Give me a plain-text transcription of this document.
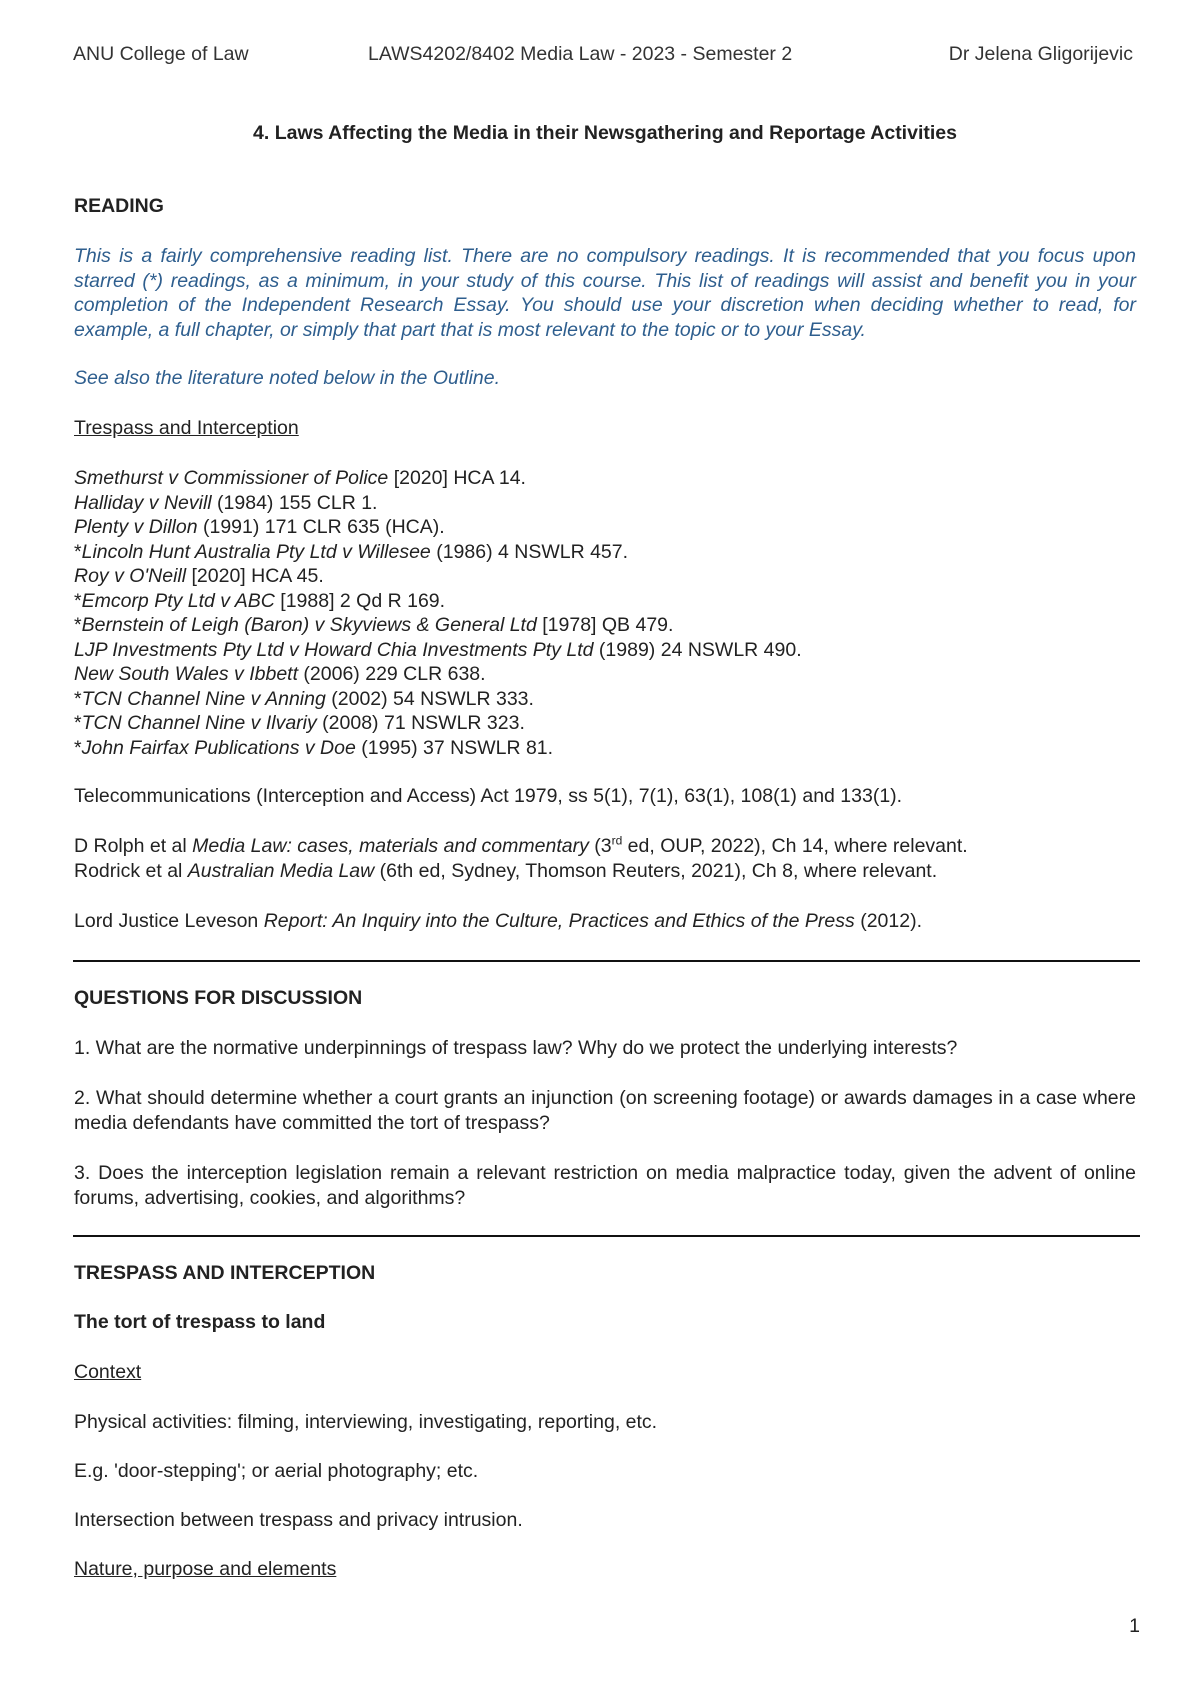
ANU College of Law	LAWS4202/8402 Media Law - 2023 - Semester 2	Dr Jelena Gligorijevic
4. Laws Affecting the Media in their Newsgathering and Reportage Activities
READING

This is a fairly comprehensive reading list. There are no compulsory readings. It is recommended that you focus upon starred (*) readings, as a minimum, in your study of this course. This list of readings will assist and benefit you in your completion of the Independent Research Essay. You should use your discretion when deciding whether to read, for example, a full chapter, or simply that part that is most relevant to the topic or to your Essay.

See also the literature noted below in the Outline.
Trespass and Interception
Smethurst v Commissioner of Police [2020] HCA 14.
Halliday v Nevill (1984) 155 CLR 1.
Plenty v Dillon (1991) 171 CLR 635 (HCA).
*Lincoln Hunt Australia Pty Ltd v Willesee (1986) 4 NSWLR 457.
Roy v O'Neill [2020] HCA 45.
*Emcorp Pty Ltd v ABC [1988] 2 Qd R 169.
*Bernstein of Leigh (Baron) v Skyviews & General Ltd [1978] QB 479.
LJP Investments Pty Ltd v Howard Chia Investments Pty Ltd (1989) 24 NSWLR 490.
New South Wales v Ibbett (2006) 229 CLR 638.
*TCN Channel Nine v Anning (2002) 54 NSWLR 333.
*TCN Channel Nine v Ilvariy (2008) 71 NSWLR 323.
*John Fairfax Publications v Doe (1995) 37 NSWLR 81.
Telecommunications (Interception and Access) Act 1979, ss 5(1), 7(1), 63(1), 108(1) and 133(1).
D Rolph et al Media Law: cases, materials and commentary (3rd ed, OUP, 2022), Ch 14, where relevant.
Rodrick et al Australian Media Law (6th ed, Sydney, Thomson Reuters, 2021), Ch 8, where relevant.
Lord Justice Leveson Report: An Inquiry into the Culture, Practices and Ethics of the Press (2012).
QUESTIONS FOR DISCUSSION

1. What are the normative underpinnings of trespass law? Why do we protect the underlying interests?

2. What should determine whether a court grants an injunction (on screening footage) or awards damages in a case where media defendants have committed the tort of trespass?

3. Does the interception legislation remain a relevant restriction on media malpractice today, given the advent of online forums, advertising, cookies, and algorithms?

TRESPASS AND INTERCEPTION
The tort of trespass to land
Context
Physical activities: filming, interviewing, investigating, reporting, etc.
E.g. 'door-stepping'; or aerial photography; etc.
Intersection between trespass and privacy intrusion.
Nature, purpose and elements
1
